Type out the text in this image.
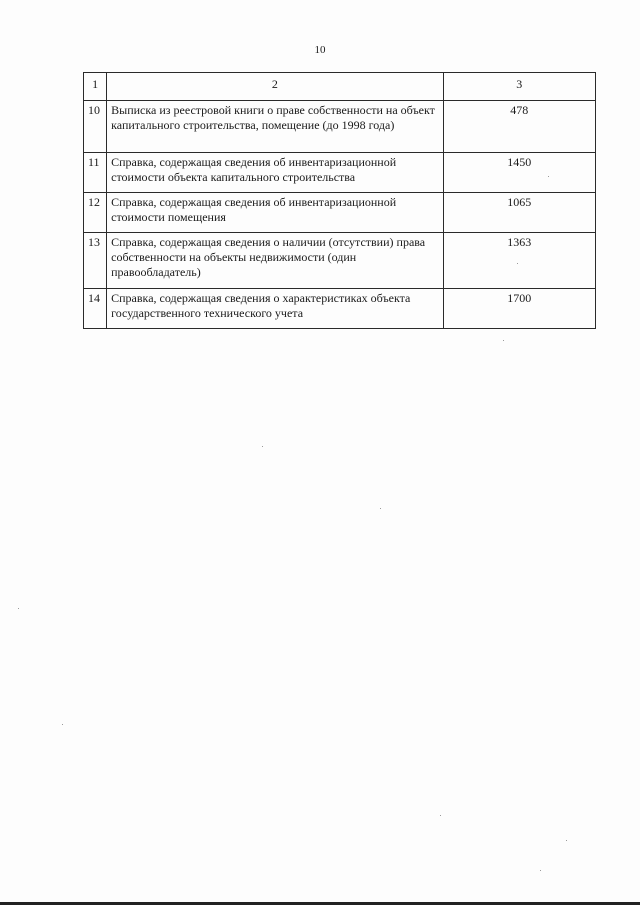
10
1	2	3
10	Выписка из реестровой книги о праве собственности на объект капитального строительства, помещение (до 1998 года)	478
11	Справка, содержащая сведения об инвентаризационной стоимости объекта капитального строительства	1450
12	Справка, содержащая сведения об инвентаризационной стоимости помещения	1065
13	Справка, содержащая сведения о наличии (отсутствии) права собственности на объекты недвижимости (один правообладатель)	1363
14	Справка, содержащая сведения о характеристиках объекта государственного технического учета	1700
